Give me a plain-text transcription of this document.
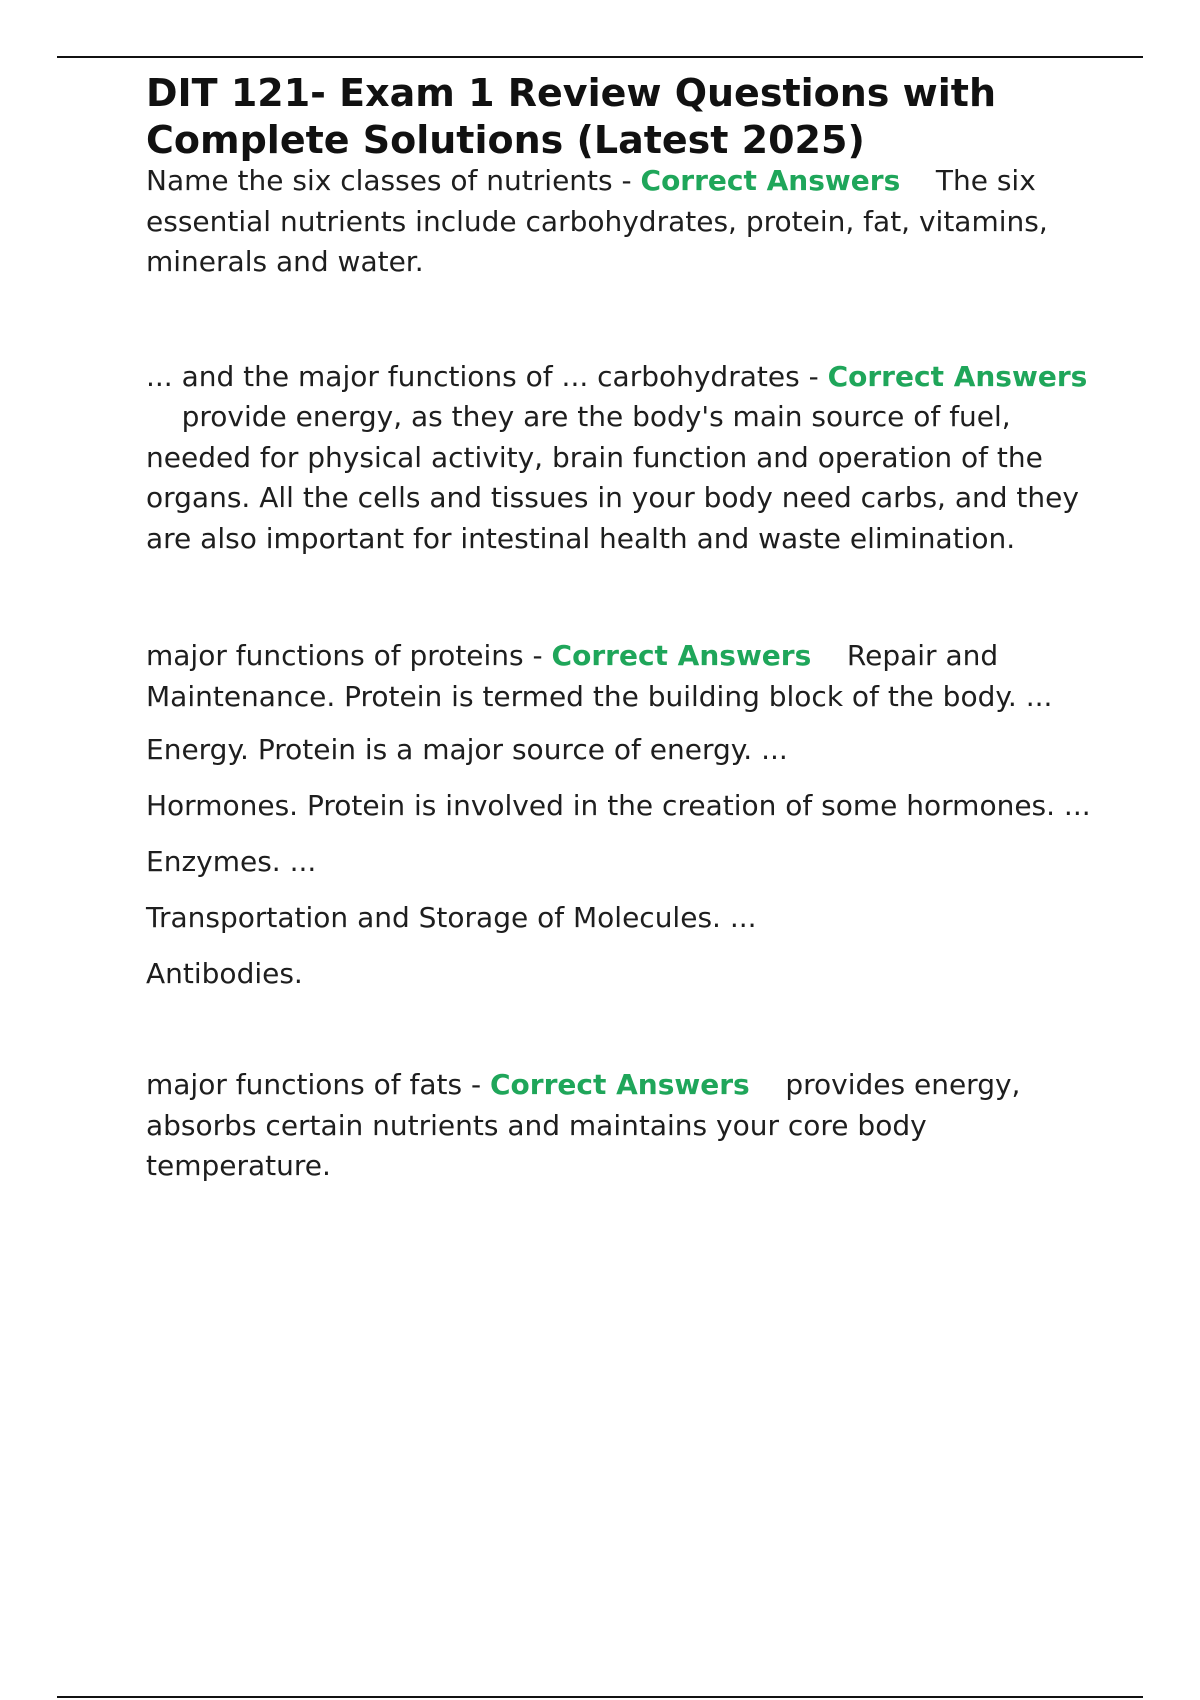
DIT 121- Exam 1 Review Questions with Complete Solutions (Latest 2025)

Name the six classes of nutrients - Correct Answers The six essential nutrients include carbohydrates, protein, fat, vitamins, minerals and water.

... and the major functions of ... carbohydrates - Correct Answers    provide energy, as they are the body's main source of fuel, needed for physical activity, brain function and operation of the organs. All the cells and tissues in your body need carbs, and they are also important for intestinal health and waste elimination.

major functions of proteins - Correct Answers Repair and Maintenance. Protein is termed the building block of the body. ...

Energy. Protein is a major source of energy. ...

Hormones. Protein is involved in the creation of some hormones. ...

Enzymes. ...

Transportation and Storage of Molecules. ...

Antibodies.

major functions of fats - Correct Answers provides energy, absorbs certain nutrients and maintains your core body temperature.
